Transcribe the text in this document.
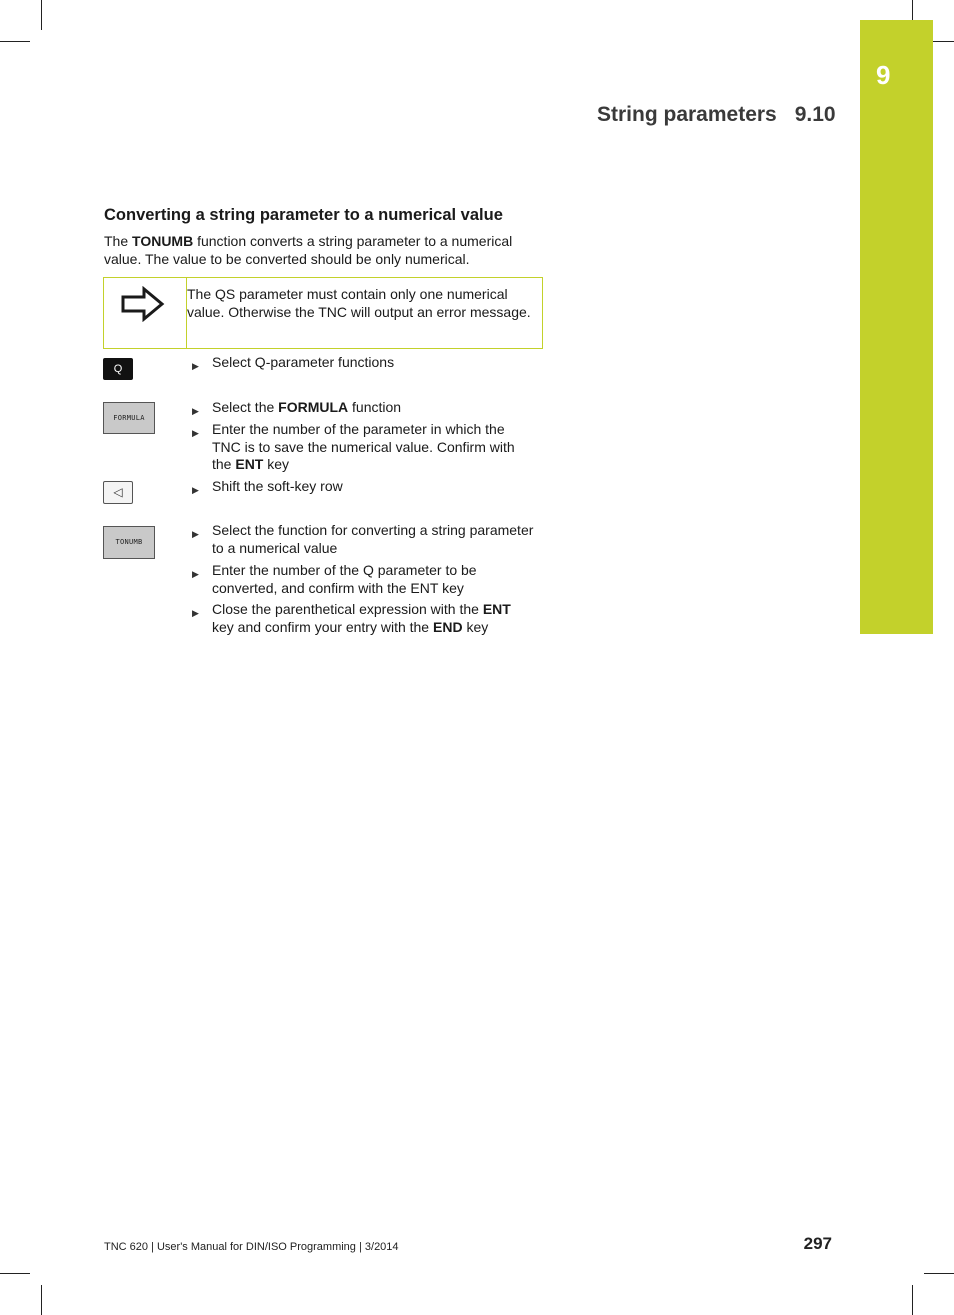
9
String parameters 9.10
Converting a string parameter to a numerical value
The TONUMB function converts a string parameter to a numerical value. The value to be converted should be only numerical.
The QS parameter must contain only one numerical value. Otherwise the TNC will output an error message.
Q
FORMULA
◁
TONUMB
▶ Select Q-parameter functions
▶ Select the FORMULA function
▶ Enter the number of the parameter in which the TNC is to save the numerical value. Confirm with the ENT key
▶ Shift the soft-key row
▶ Select the function for converting a string parameter to a numerical value
▶ Enter the number of the Q parameter to be converted, and confirm with the ENT key
▶ Close the parenthetical expression with the ENT key and confirm your entry with the END key
TNC 620 | User's Manual for DIN/ISO Programming | 3/2014	297
